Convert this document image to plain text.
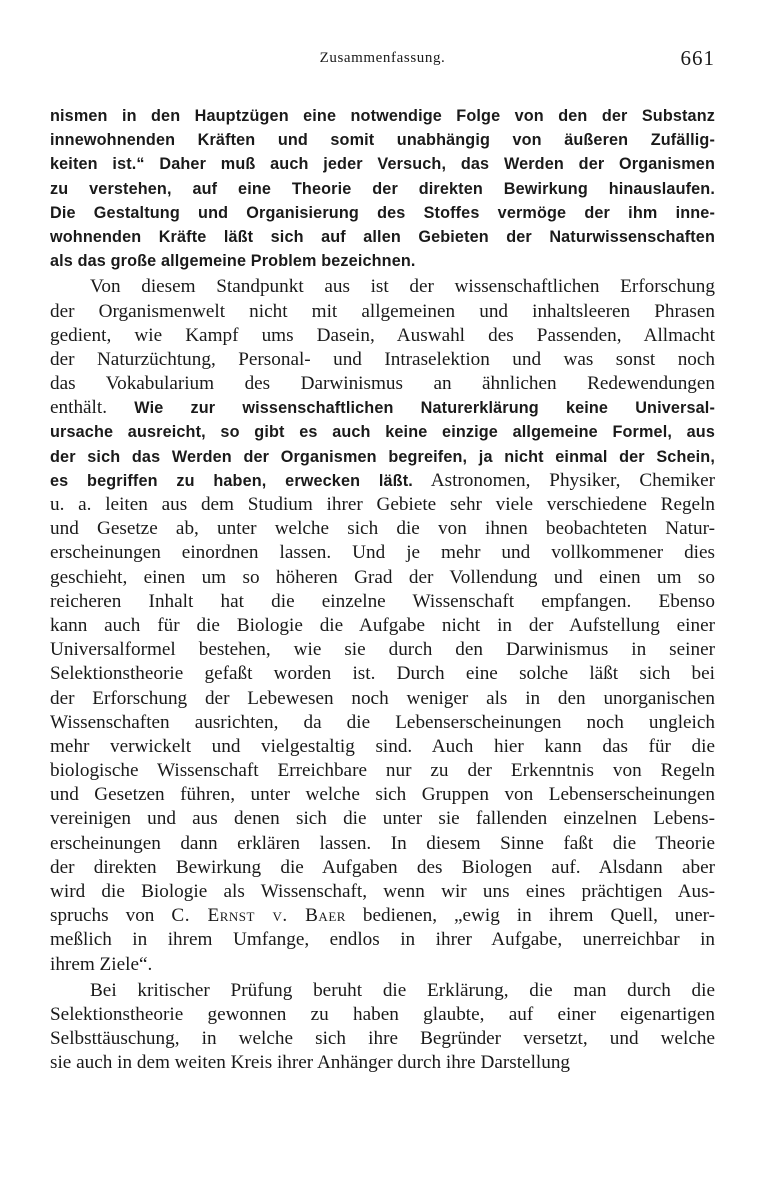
Zusammenfassung.	661
nismen in den Hauptzügen eine notwendige Folge von den der Substanz
innewohnenden Kräften und somit unabhängig von äußeren Zufällig-
keiten ist.“ Daher muß auch jeder Versuch, das Werden der Organismen
zu verstehen, auf eine Theorie der direkten Bewirkung hinauslaufen.
Die Gestaltung und Organisierung des Stoffes vermöge der ihm inne-
wohnenden Kräfte läßt sich auf allen Gebieten der Naturwissenschaften
als das große allgemeine Problem bezeichnen.
Von diesem Standpunkt aus ist der wissenschaftlichen Erforschung
der Organismenwelt nicht mit allgemeinen und inhaltsleeren Phrasen
gedient, wie Kampf ums Dasein, Auswahl des Passenden, Allmacht
der Naturzüchtung, Personal- und Intraselektion und was sonst noch
das Vokabularium des Darwinismus an ähnlichen Redewendungen
enthält. Wie zur wissenschaftlichen Naturerklärung keine Universal-
ursache ausreicht, so gibt es auch keine einzige allgemeine Formel, aus
der sich das Werden der Organismen begreifen, ja nicht einmal der Schein,
es begriffen zu haben, erwecken läßt. Astronomen, Physiker, Chemiker
u. a. leiten aus dem Studium ihrer Gebiete sehr viele verschiedene Regeln
und Gesetze ab, unter welche sich die von ihnen beobachteten Natur-
erscheinungen einordnen lassen. Und je mehr und vollkommener dies
geschieht, einen um so höheren Grad der Vollendung und einen um so
reicheren Inhalt hat die einzelne Wissenschaft empfangen. Ebenso
kann auch für die Biologie die Aufgabe nicht in der Aufstellung einer
Universalformel bestehen, wie sie durch den Darwinismus in seiner
Selektionstheorie gefaßt worden ist. Durch eine solche läßt sich bei
der Erforschung der Lebewesen noch weniger als in den unorganischen
Wissenschaften ausrichten, da die Lebenserscheinungen noch ungleich
mehr verwickelt und vielgestaltig sind. Auch hier kann das für die
biologische Wissenschaft Erreichbare nur zu der Erkenntnis von Regeln
und Gesetzen führen, unter welche sich Gruppen von Lebenserscheinungen
vereinigen und aus denen sich die unter sie fallenden einzelnen Lebens-
erscheinungen dann erklären lassen. In diesem Sinne faßt die Theorie
der direkten Bewirkung die Aufgaben des Biologen auf. Alsdann aber
wird die Biologie als Wissenschaft, wenn wir uns eines prächtigen Aus-
spruchs von C. Ernst v. Baer bedienen, „ewig in ihrem Quell, uner-
meßlich in ihrem Umfange, endlos in ihrer Aufgabe, unerreichbar in
ihrem Ziele“.
Bei kritischer Prüfung beruht die Erklärung, die man durch die
Selektionstheorie gewonnen zu haben glaubte, auf einer eigenartigen
Selbsttäuschung, in welche sich ihre Begründer versetzt, und welche
sie auch in dem weiten Kreis ihrer Anhänger durch ihre Darstellung
